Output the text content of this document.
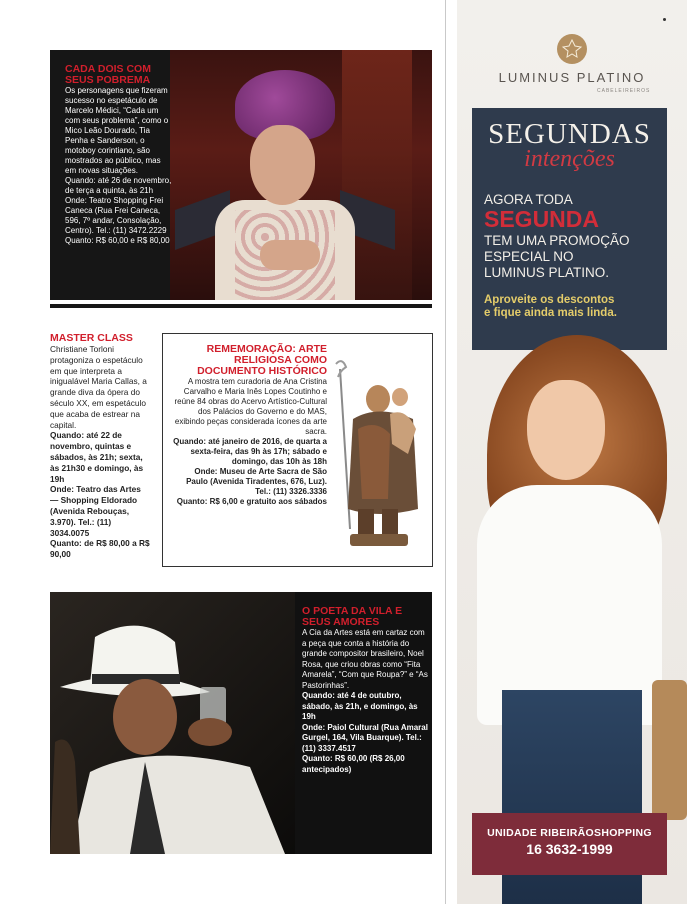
CADA DOIS COM SEUS POBREMA

Os personagens que fizeram sucesso no espetáculo de Marcelo Médici, “Cada um com seus problema”, como o Mico Leão Dourado, Tia Penha e Sanderson, o motoboy corintiano, são mostrados ao público, mas em novas situações.

Quando: até 26 de novembro, de terça a quinta, às 21h

Onde: Teatro Shopping Frei Caneca (Rua Frei Caneca, 596, 7º andar, Consolação, Centro). Tel.: (11) 3472.2229

Quanto: R$ 60,00 e R$ 80,00

MASTER CLASS

Christiane Torloni protagoniza o espetáculo em que interpreta a inigualável Maria Callas, a grande diva da ópera do século XX, em espetáculo que acaba de estrear na capital.

Quando: até 22 de novembro, quintas e sábados, às 21h; sexta, às 21h30 e domingo, às 19h

Onde: Teatro das Artes — Shopping Eldorado (Avenida Rebouças, 3.970). Tel.: (11) 3034.0075

Quanto: de R$ 80,00 a R$ 90,00

REMEMORAÇÃO: ARTE RELIGIOSA COMO DOCUMENTO HISTÓRICO

A mostra tem curadoria de Ana Cristina Carvalho e Maria Inês Lopes Coutinho e reúne 84 obras do Acervo Artístico-Cultural dos Palácios do Governo e do MAS, exibindo peças considerada ícones da arte sacra.

Quando: até janeiro de 2016, de quarta a sexta-feira, das 9h às 17h; sábado e domingo, das 10h às 18h

Onde: Museu de Arte Sacra de São Paulo (Avenida Tiradentes, 676, Luz). Tel.: (11) 3326.3336

Quanto: R$ 6,00 e gratuito aos sábados

O POETA DA VILA E SEUS AMORES

A Cia da Artes está em cartaz com a peça que conta a história do grande compositor brasileiro, Noel Rosa, que criou obras como “Fita Amarela”, “Com que Roupa?” e “As Pastorinhas”.

Quando: até 4 de outubro, sábado, às 21h, e domingo, às 19h

Onde: Paiol Cultural (Rua Amaral Gurgel, 164, Vila Buarque). Tel.: (11) 3337.4517

Quanto: R$ 60,00 (R$ 26,00 antecipados)

LUMINUS PLATINO
CABELEIREIROS
SEGUNDAS
intenções
AGORA TODA
SEGUNDA
TEM UMA PROMOÇÃO
ESPECIAL NO
LUMINUS PLATINO.
Aproveite os descontos
e fique ainda mais linda.
UNIDADE RIBEIRÃOSHOPPING
16 3632-1999
